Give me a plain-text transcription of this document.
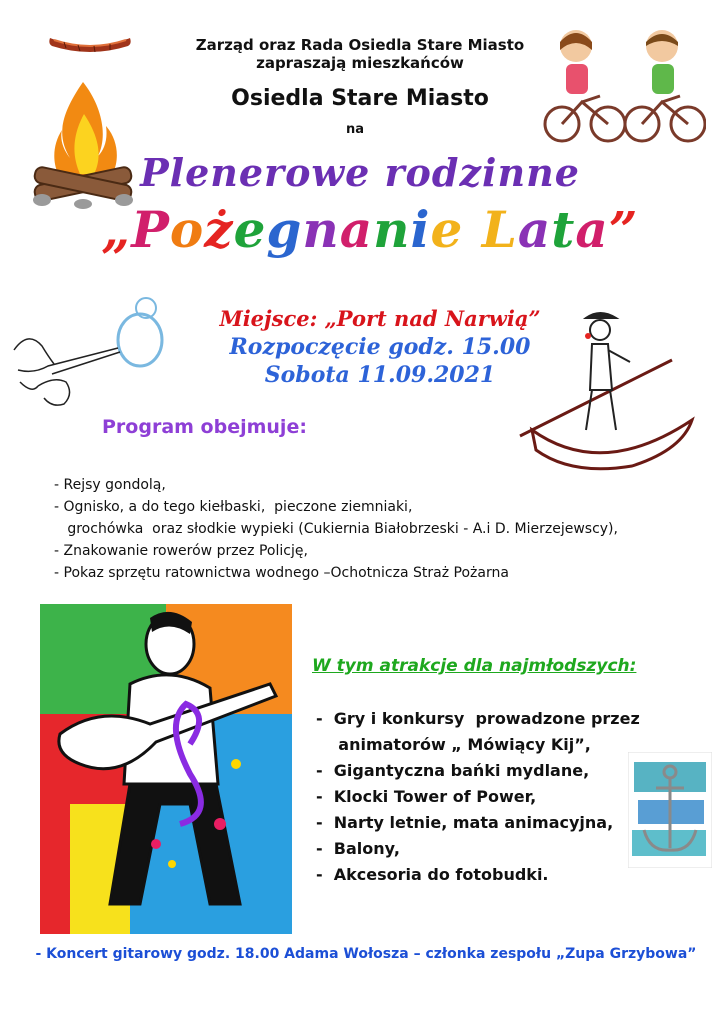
Zarząd oraz Rada Osiedla Stare Miasto
zapraszają mieszkańców
Osiedla Stare Miasto
na
Plenerowe rodzinne
„Pożegnanie Lata”
Miejsce: „Port nad Narwią”
Rozpoczęcie godz. 15.00
Sobota 11.09.2021
Program obejmuje:
- Rejsy gondolą,
- Ognisko, a do tego kiełbaski,  pieczone ziemniaki,
grochówka  oraz słodkie wypieki (Cukiernia Białobrzeski - A.i D. Mierzejewscy),
- Znakowanie rowerów przez Policję,
- Pokaz sprzętu ratownictwa wodnego –Ochotnicza Straż Pożarna
W tym atrakcje dla najmłodszych:
-  Gry i konkursy  prowadzone przez
animatorów „ Mówiący Kij”,
-  Gigantyczna bańki mydlane,
-  Klocki Tower of Power,
-  Narty letnie, mata animacyjna,
-  Balony,
-  Akcesoria do fotobudki.
- Koncert gitarowy godz. 18.00 Adama Wołosza – członka zespołu „Zupa Grzybowa”
